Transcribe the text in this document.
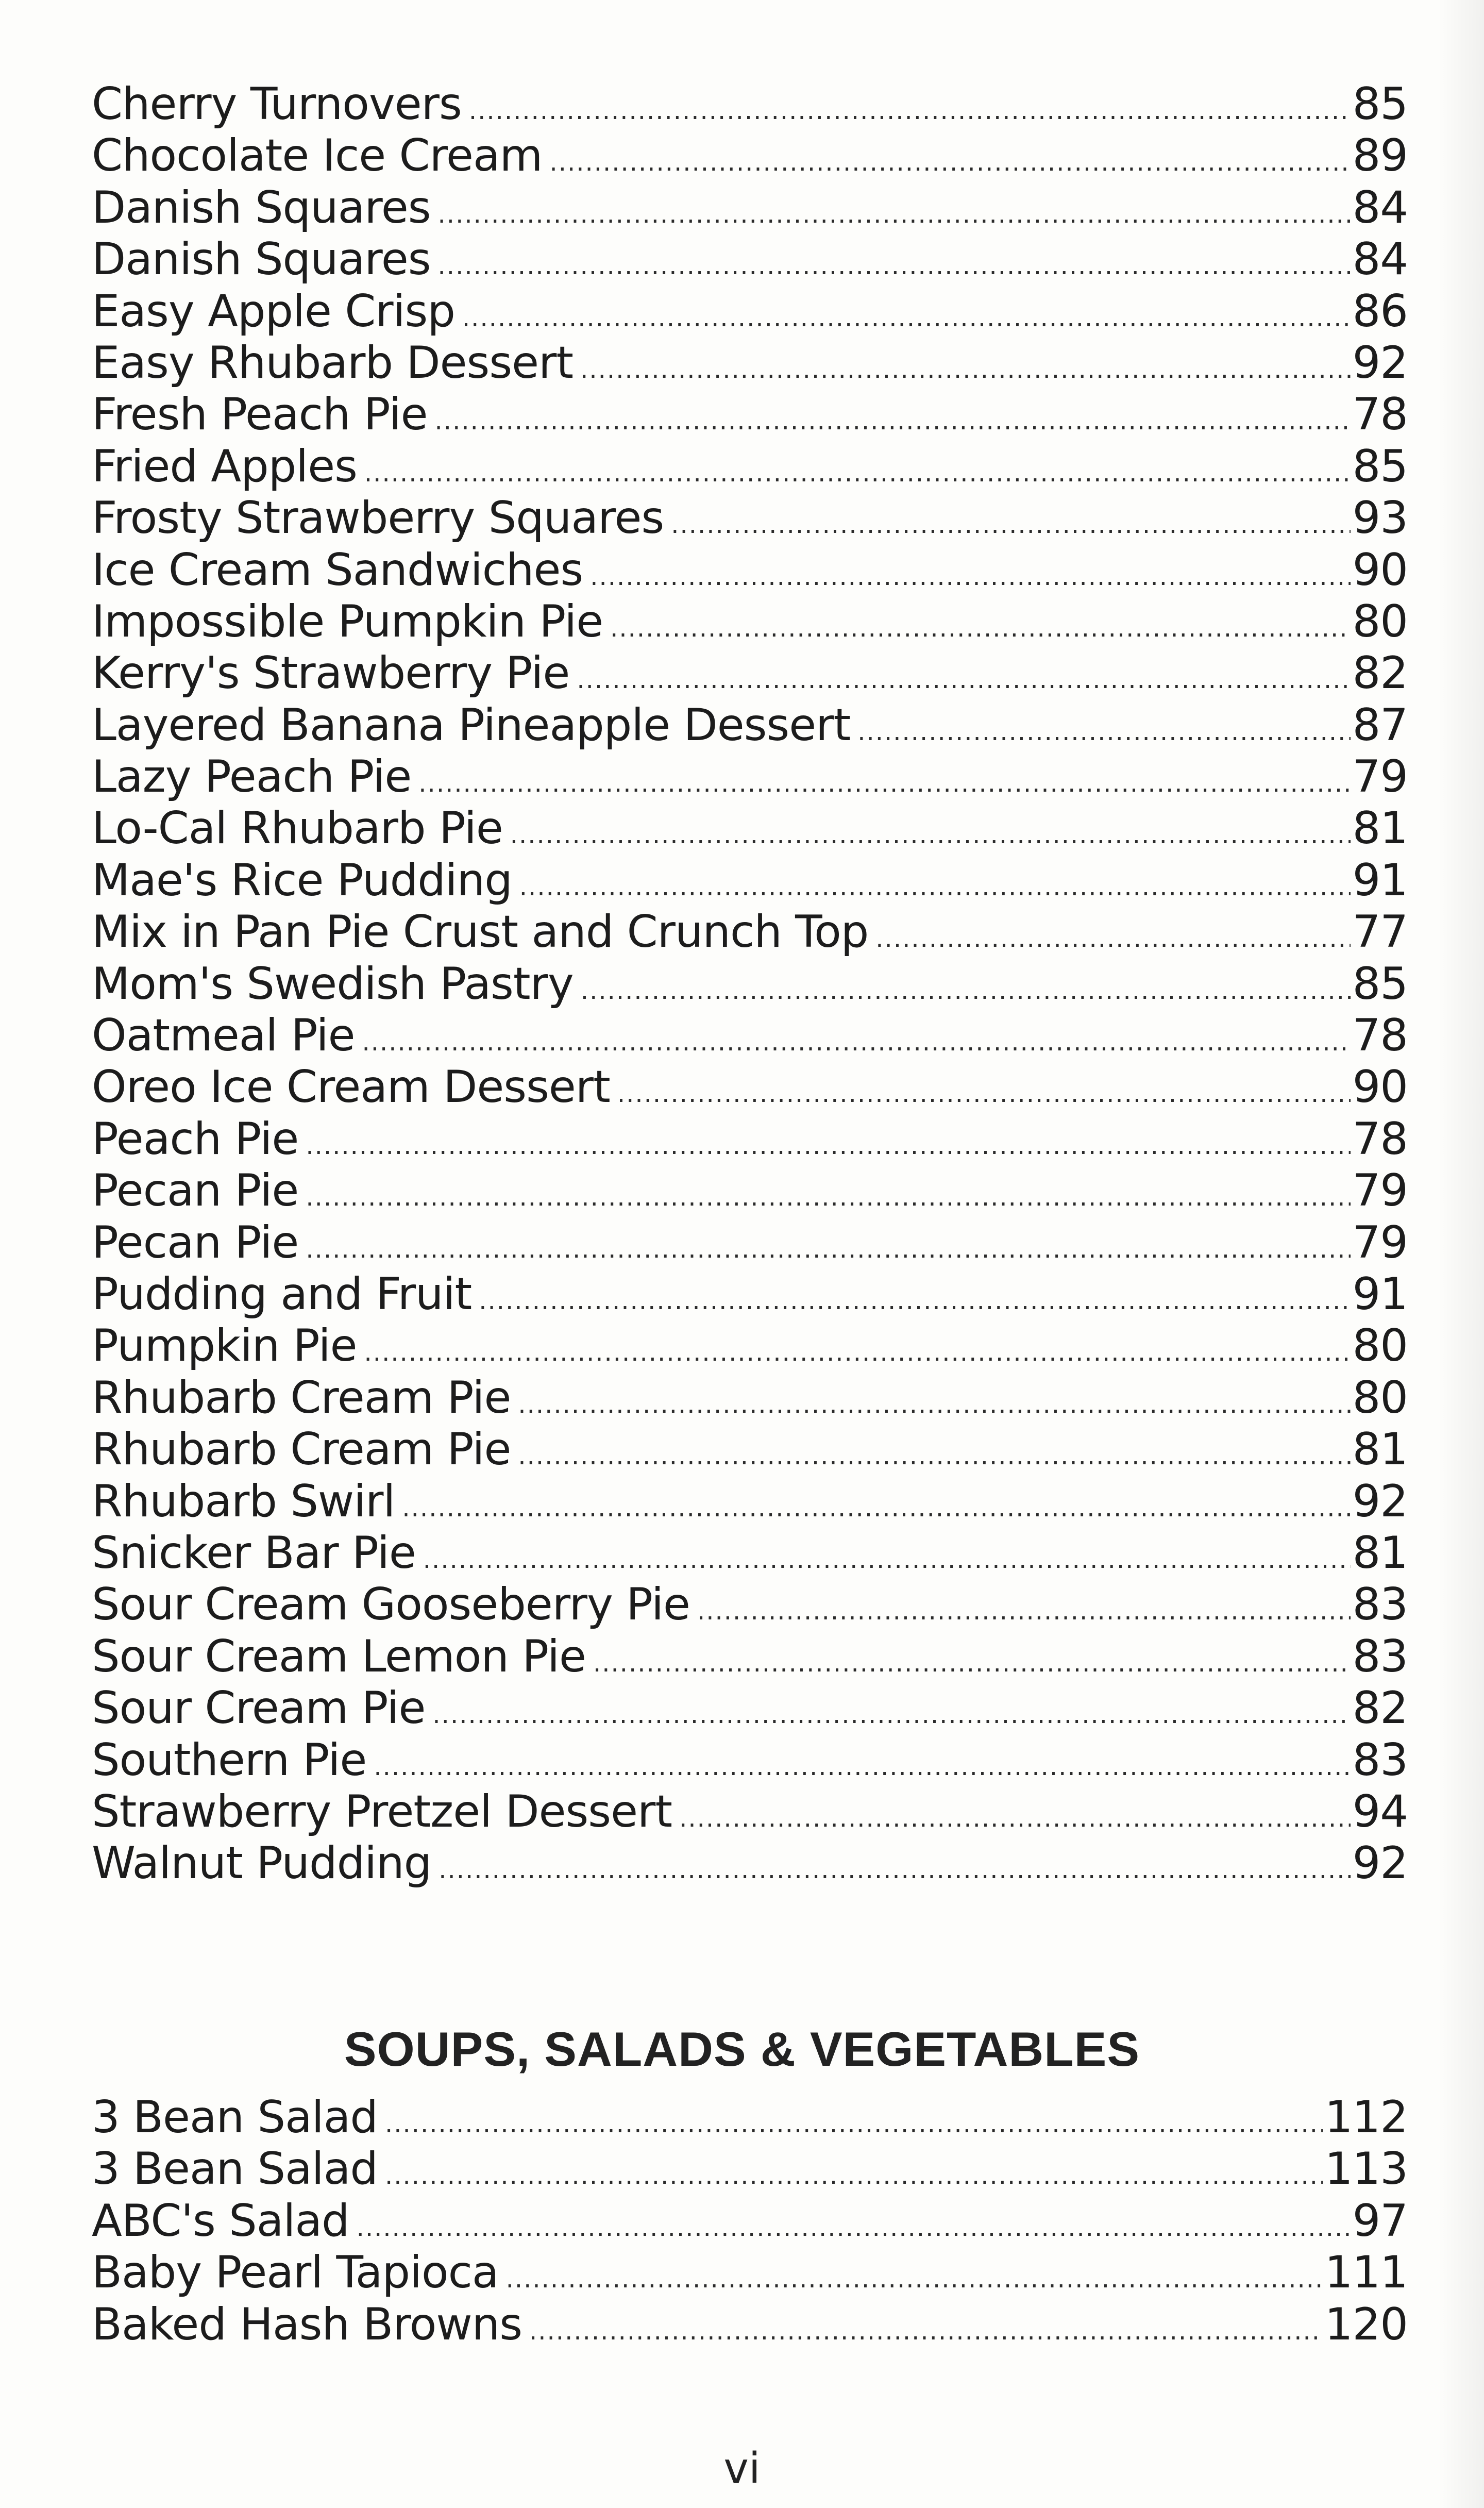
Cherry Turnovers .....	85
Chocolate Ice Cream .....	89
Danish Squares .....	84
Danish Squares .....	84
Easy Apple Crisp .....	86
Easy Rhubarb Dessert .....	92
Fresh Peach Pie .....	78
Fried Apples .....	85
Frosty Strawberry Squares .....	93
Ice Cream Sandwiches .....	90
Impossible Pumpkin Pie .....	80
Kerry's Strawberry Pie .....	82
Layered Banana Pineapple Dessert .....	87
Lazy Peach Pie .....	79
Lo-Cal Rhubarb Pie .....	81
Mae's Rice Pudding .....	91
Mix in Pan Pie Crust and Crunch Top .....	77
Mom's Swedish Pastry .....	85
Oatmeal Pie .....	78
Oreo Ice Cream Dessert .....	90
Peach Pie .....	78
Pecan Pie .....	79
Pecan Pie .....	79
Pudding and Fruit .....	91
Pumpkin Pie .....	80
Rhubarb Cream Pie .....	80
Rhubarb Cream Pie .....	81
Rhubarb Swirl .....	92
Snicker Bar Pie .....	81
Sour Cream Gooseberry Pie .....	83
Sour Cream Lemon Pie .....	83
Sour Cream Pie .....	82
Southern Pie .....	83
Strawberry Pretzel Dessert .....	94
Walnut Pudding .....	92
SOUPS, SALADS & VEGETABLES
3 Bean Salad .....	112
3 Bean Salad .....	113
ABC's Salad .....	97
Baby Pearl Tapioca .....	111
Baked Hash Browns .....	120
vi
